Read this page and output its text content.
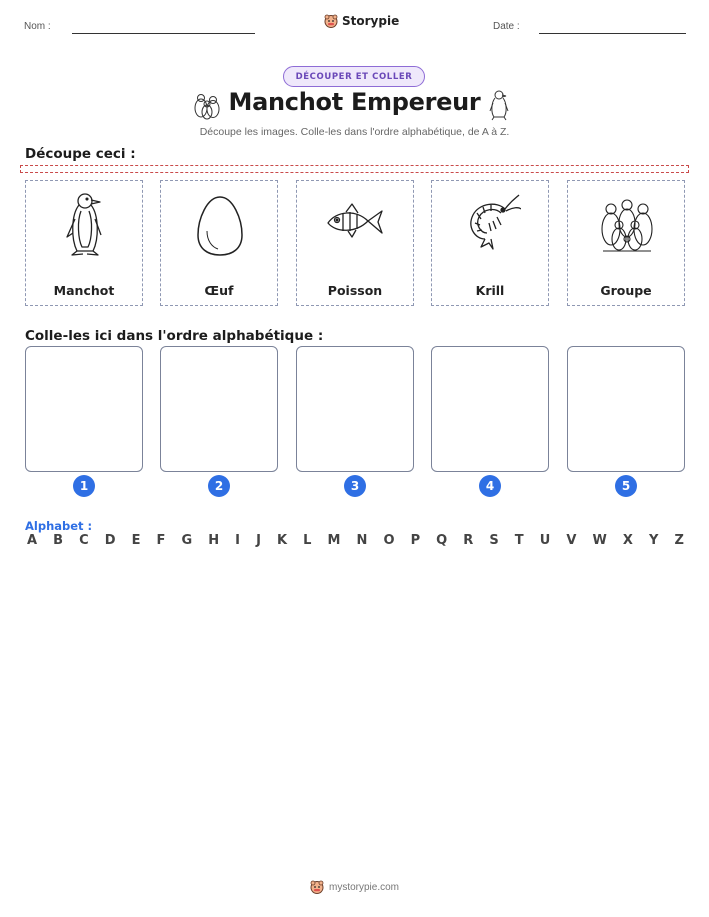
Nom :	Storypie	Date :
DÉCOUPER ET COLLER
Manchot Empereur
Découpe les images. Colle-les dans l'ordre alphabétique, de A à Z.
Découpe ceci :
Manchot	Œuf	Poisson	Krill	Groupe
Colle-les ici dans l'ordre alphabétique :
1	2	3	4	5
Alphabet :
A B C D E F G H I J K L M N O P Q R S T U V W X Y Z
mystorypie.com
